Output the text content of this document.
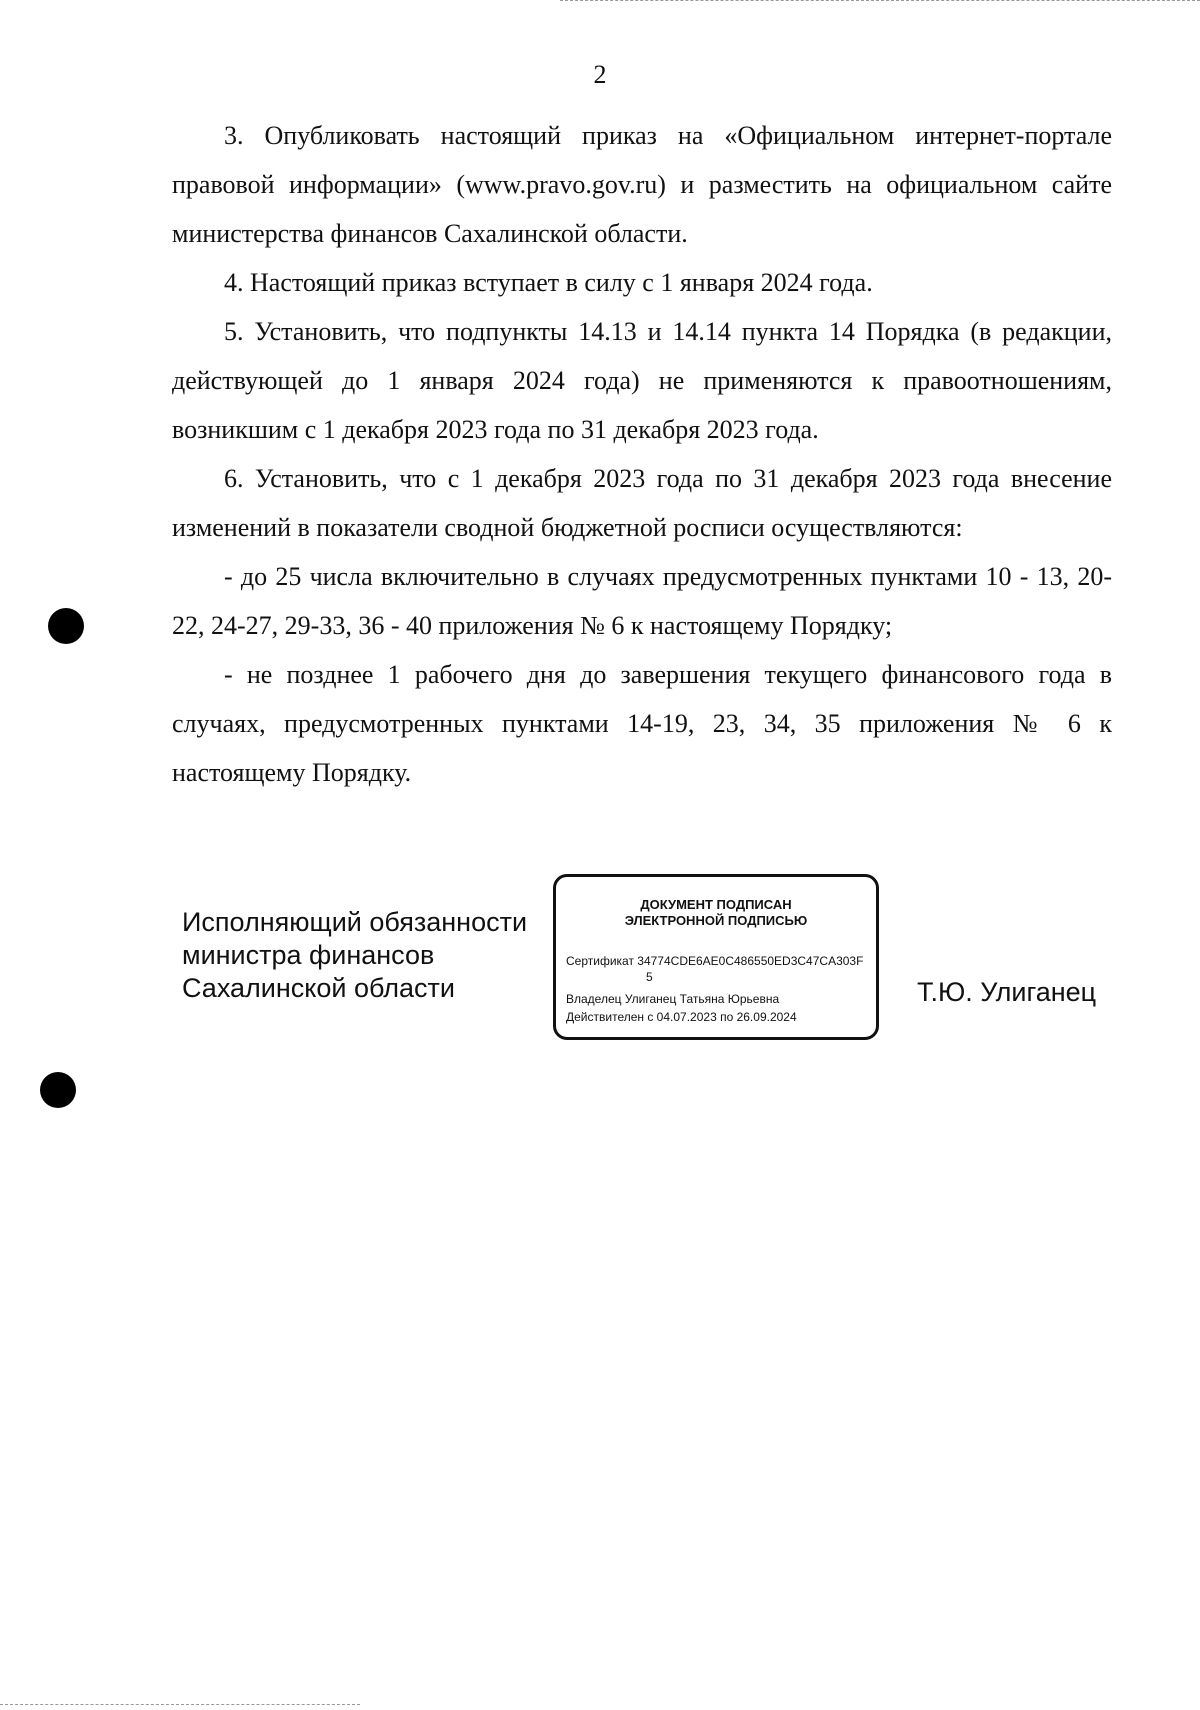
2

3. Опубликовать настоящий приказ на «Официальном интернет-портале правовой информации» (www.pravo.gov.ru) и разместить на официальном сайте министерства финансов Сахалинской области.

4. Настоящий приказ вступает в силу с 1 января 2024 года.

5. Установить, что подпункты 14.13 и 14.14 пункта 14 Порядка (в редакции, действующей до 1 января 2024 года) не применяются к правоотношениям, возникшим с 1 декабря 2023 года по 31 декабря 2023 года.

6. Установить, что с 1 декабря 2023 года по 31 декабря 2023 года внесение изменений в показатели сводной бюджетной росписи осуществляются:

- до 25 числа включительно в случаях предусмотренных пунктами 10 - 13, 20-22, 24-27, 29-33, 36 - 40 приложения № 6 к настоящему Порядку;

- не позднее 1 рабочего дня до завершения текущего финансового года в случаях, предусмотренных пунктами 14-19, 23, 34, 35 приложения № 6 к настоящему Порядку.

Исполняющий обязанности
министра финансов
Сахалинской области
ДОКУМЕНТ ПОДПИСАН
ЭЛЕКТРОННОЙ ПОДПИСЬЮ
Сертификат 34774CDE6AE0C486550ED3C47CA303F
5
Владелец Улиганец Татьяна Юрьевна
Действителен с 04.07.2023 по 26.09.2024
Т.Ю. Улиганец
